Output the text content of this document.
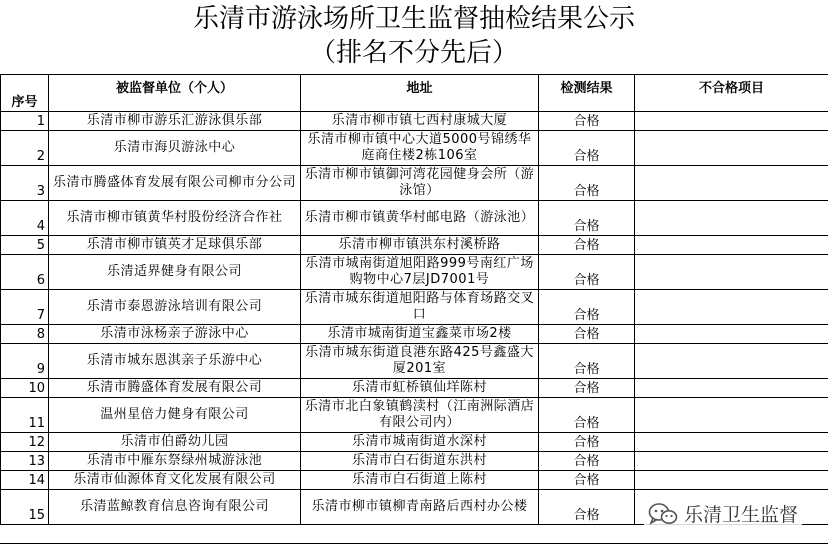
乐清市游泳场所卫生监督抽检结果公示
（排名不分先后）
序号	被监督单位（个人）	地址	检测结果	不合格项目
1	乐清市柳市游乐汇游泳俱乐部	乐清市柳市镇七西村康城大厦	合格	
2	乐清市海贝游泳中心	乐清市柳市镇中心大道5000号锦绣华庭商住楼2栋106室	合格	
3	乐清市腾盛体育发展有限公司柳市分公司	乐清市柳市镇御河湾花园健身会所（游泳馆）	合格	
4	乐清市柳市镇黄华村股份经济合作社	乐清市柳市镇黄华村邮电路（游泳池）	合格	
5	乐清市柳市镇英才足球俱乐部	乐清市柳市镇洪东村溪桥路	合格	
6	乐清适界健身有限公司	乐清市城南街道旭阳路999号南红广场购物中心7层JD7001号	合格	
7	乐清市泰恩游泳培训有限公司	乐清市城东街道旭阳路与体育场路交叉口	合格	
8	乐清市泳杨亲子游泳中心	乐清市城南街道宝鑫菜市场2楼	合格	
9	乐清市城东恩淇亲子乐游中心	乐清市城东街道良港东路425号鑫盛大厦201室	合格	
10	乐清市腾盛体育发展有限公司	乐清市虹桥镇仙垟陈村	合格	
11	温州星倍力健身有限公司	乐清市北白象镇鹤渎村（江南洲际酒店有限公司内）	合格	
12	乐清市伯爵幼儿园	乐清市城南街道水深村	合格	
13	乐清市中雁东祭绿州城游泳池	乐清市白石街道东洪村	合格	
14	乐清市仙源体育文化发展有限公司	乐清市白石街道上陈村	合格	
15	乐清蓝鲸教育信息咨询有限公司	乐清市柳市镇柳青南路后西村办公楼	合格		乐清卫生监督
